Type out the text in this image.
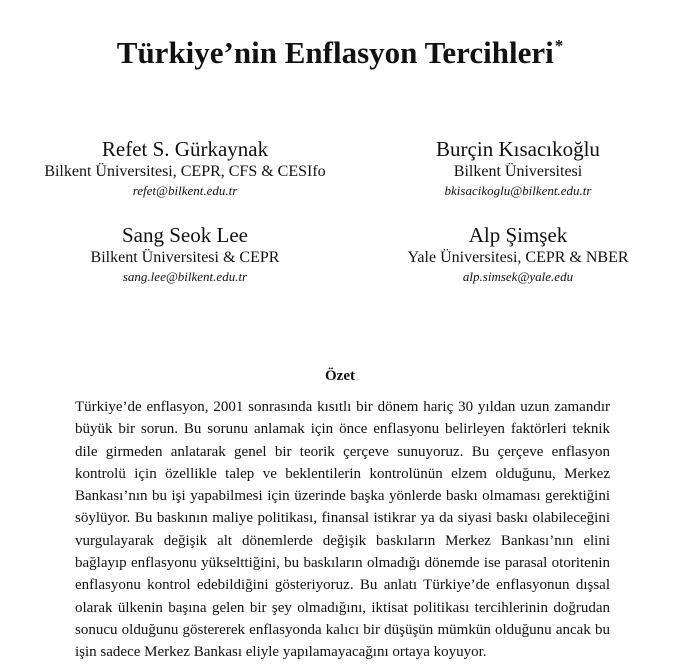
Türkiye’nin Enflasyon Tercihleri*
Refet S. Gürkaynak
Bilkent Üniversitesi, CEPR, CFS & CESIfo
refet@bilkent.edu.tr
Burçin Kısacıkoğlu
Bilkent Üniversitesi
bkisacikoglu@bilkent.edu.tr
Sang Seok Lee
Bilkent Üniversitesi & CEPR
sang.lee@bilkent.edu.tr
Alp Şimşek
Yale Üniversitesi, CEPR & NBER
alp.simsek@yale.edu
Özet
Türkiye’de enflasyon, 2001 sonrasında kısıtlı bir dönem hariç 30 yıldan uzun zamandır büyük bir sorun. Bu sorunu anlamak için önce enflasyonu belirleyen faktörleri teknik dile girmeden anlatarak genel bir teorik çerçeve sunuyoruz. Bu çerçeve enflasyon kontrolü için özellikle talep ve beklentilerin kontrolünün elzem olduğunu, Merkez Bankası’nın bu işi yapabilmesi için üzerinde başka yönlerde baskı olmaması gerektiğini söylüyor. Bu baskının maliye politikası, finansal istikrar ya da siyasi baskı olabileceğini vurgulayarak değişik alt dönemlerde değişik baskıların Merkez Bankası’nın elini bağlayıp enflasyonu yükselttiğini, bu baskıların olmadığı dönemde ise parasal otoritenin enflasyonu kontrol edebildiğini gösteriyoruz. Bu anlatı Türkiye’de enflasyonun dışsal olarak ülkenin başına gelen bir şey olmadığını, iktisat politikası tercihlerinin doğrudan sonucu olduğunu göstererek enflasyonda kalıcı bir düşüşün mümkün olduğunu ancak bu işin sadece Merkez Bankası eliyle yapılamayacağını ortaya koyuyor.
